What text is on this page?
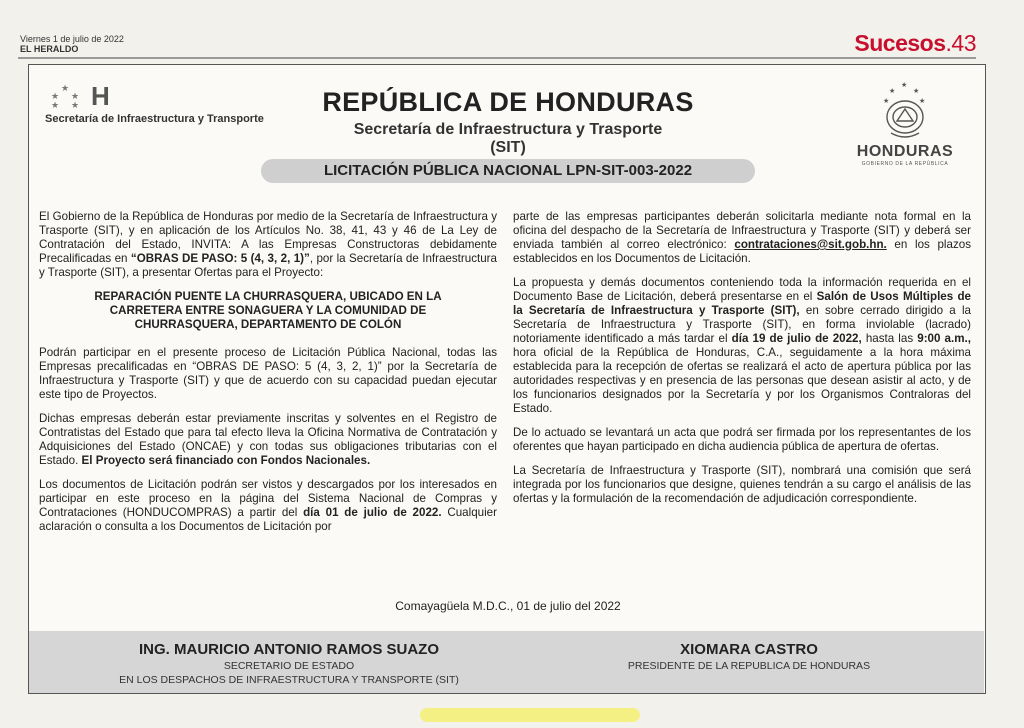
Viernes 1 de julio de 2022
EL HERALDO	Sucesos.43
★
★ ★
★ ★ H
Secretaría de Infraestructura y Transporte
REPÚBLICA DE HONDURAS
Secretaría de Infraestructura y Trasporte
(SIT)
LICITACIÓN PÚBLICA NACIONAL LPN-SIT-003-2022
★
★	★
★	★
HONDURAS
GOBIERNO DE LA REPÚBLICA

El Gobierno de la República de Honduras por medio de la Secretaría de Infraestructura y Trasporte (SIT), y en aplicación de los Artículos No. 38, 41, 43 y 46 de La Ley de Contratación del Estado, INVITA: A las Empresas Constructoras debidamente Precalificadas en “OBRAS DE PASO: 5 (4, 3, 2, 1)”, por la Secretaría de Infraestructura y Trasporte (SIT), a presentar Ofertas para el Proyecto:

REPARACIÓN PUENTE LA CHURRASQUERA, UBICADO EN LA CARRETERA ENTRE SONAGUERA Y LA COMUNIDAD DE CHURRASQUERA, DEPARTAMENTO DE COLÓN

Podrán participar en el presente proceso de Licitación Pública Nacional, todas las Empresas precalificadas en “OBRAS DE PASO: 5 (4, 3, 2, 1)” por la Secretaría de Infraestructura y Trasporte (SIT) y que de acuerdo con su capacidad puedan ejecutar este tipo de Proyectos.

Dichas empresas deberán estar previamente inscritas y solventes en el Registro de Contratistas del Estado que para tal efecto lleva la Oficina Normativa de Contratación y Adquisiciones del Estado (ONCAE) y con todas sus obligaciones tributarias con el Estado. El Proyecto será financiado con Fondos Nacionales.

Los documentos de Licitación podrán ser vistos y descargados por los interesados en participar en este proceso en la página del Sistema Nacional de Compras y Contrataciones (HONDUCOMPRAS) a partir del día 01 de julio de 2022. Cualquier aclaración o consulta a los Documentos de Licitación por

parte de las empresas participantes deberán solicitarla mediante nota formal en la oficina del despacho de la Secretaría de Infraestructura y Trasporte (SIT) y deberá ser enviada también al correo electrónico: contrataciones@sit.gob.hn. en los plazos establecidos en los Documentos de Licitación.

La propuesta y demás documentos conteniendo toda la información requerida en el Documento Base de Licitación, deberá presentarse en el Salón de Usos Múltiples de la Secretaría de Infraestructura y Trasporte (SIT), en sobre cerrado dirigido a la Secretaría de Infraestructura y Trasporte (SIT), en forma inviolable (lacrado) notoriamente identificado a más tardar el día 19 de julio de 2022, hasta las 9:00 a.m., hora oficial de la República de Honduras, C.A., seguidamente a la hora máxima establecida para la recepción de ofertas se realizará el acto de apertura pública por las autoridades respectivas y en presencia de las personas que desean asistir al acto, y de los funcionarios designados por la Secretaría y por los Organismos Contraloras del Estado.

De lo actuado se levantará un acta que podrá ser firmada por los representantes de los oferentes que hayan participado en dicha audiencia pública de apertura de ofertas.

La Secretaría de Infraestructura y Trasporte (SIT), nombrará una comisión que será integrada por los funcionarios que designe, quienes tendrán a su cargo el análisis de las ofertas y la formulación de la recomendación de adjudicación correspondiente.

Comayagüela M.D.C., 01 de julio del 2022
ING. MAURICIO ANTONIO RAMOS SUAZO
SECRETARIO DE ESTADO
EN LOS DESPACHOS DE INFRAESTRUCTURA Y TRANSPORTE (SIT)
XIOMARA CASTRO
PRESIDENTE DE LA REPUBLICA DE HONDURAS
